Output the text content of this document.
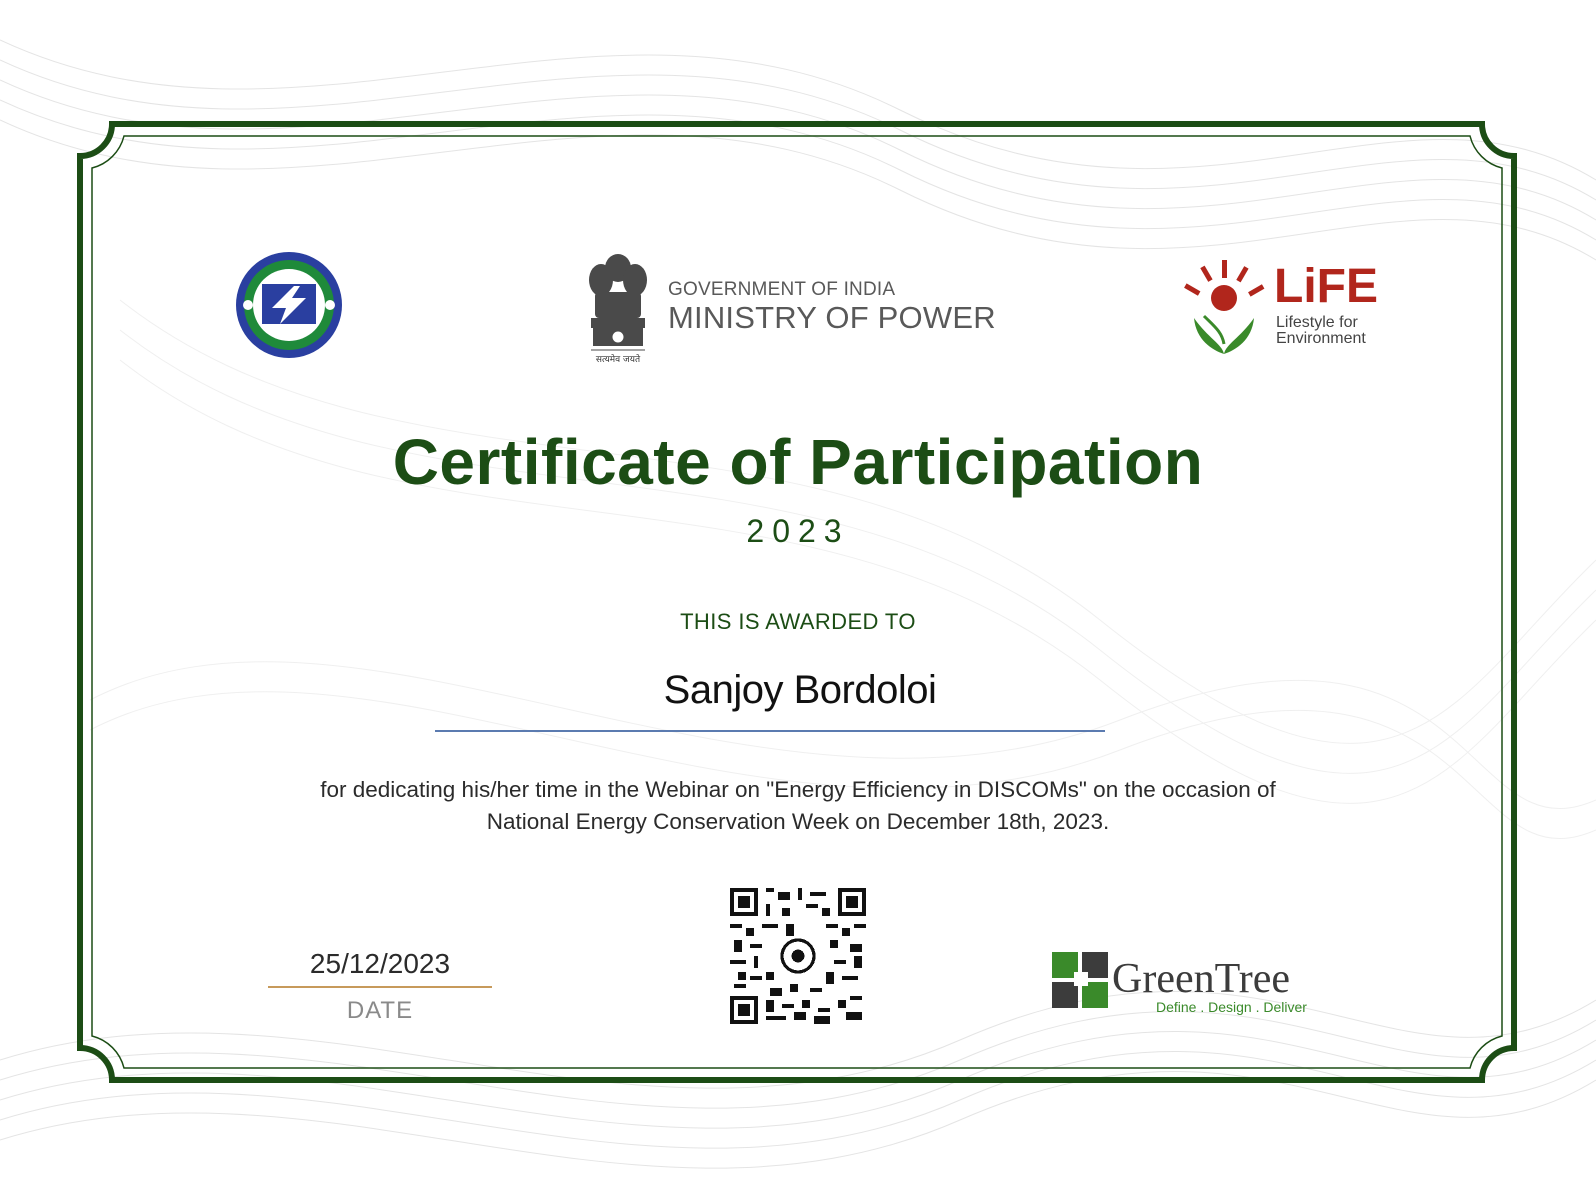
सत्यमेव जयते
GOVERNMENT OF INDIA
MINISTRY OF POWER
LiFE
Lifestyle for
Environment
Certificate of Participation
2023
THIS IS AWARDED TO
Sanjoy Bordoloi
for dedicating his/her time in the Webinar on "Energy Efficiency in DISCOMs" on the occasion of
National Energy Conservation Week on December 18th, 2023.
25/12/2023
DATE
GreenTree
Define . Design . Deliver
